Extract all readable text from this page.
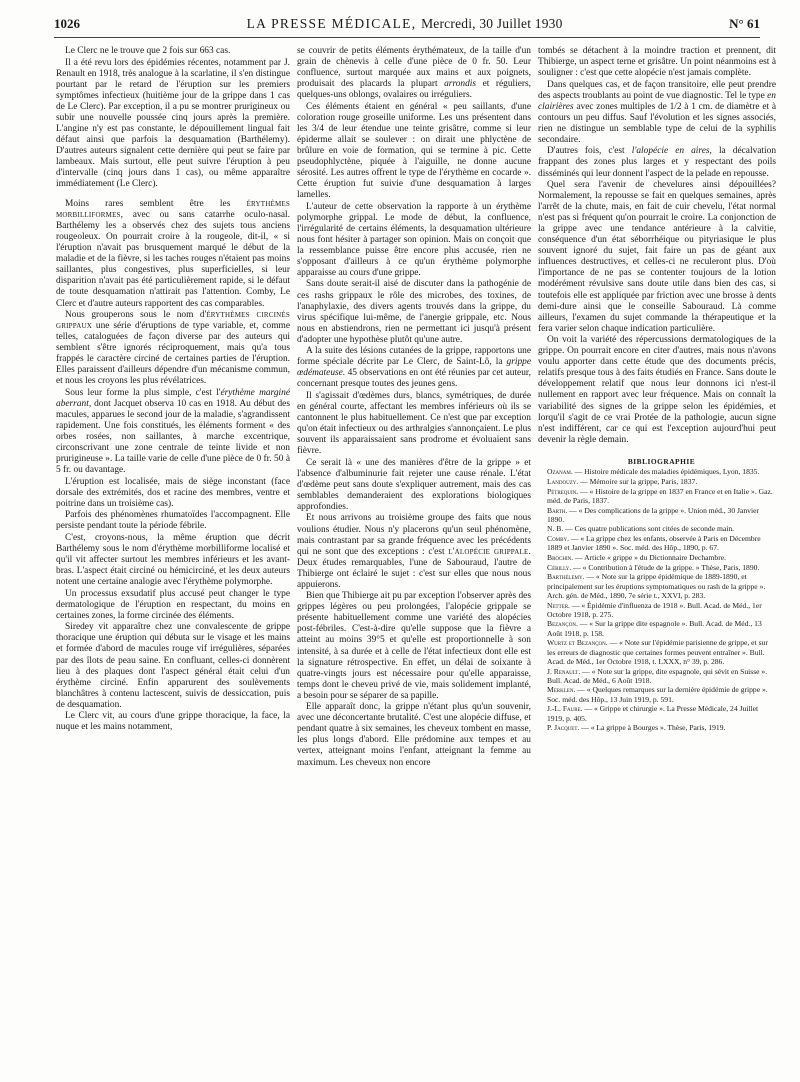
1026	LA PRESSE MÉDICALE, Mercredi, 30 Juillet 1930	N° 61

Le Clerc ne le trouve que 2 fois sur 663 cas.

Il a été revu lors des épidémies récentes, notamment par J. Renault en 1918, très analogue à la scarlatine, il s'en distingue pourtant par le retard de l'éruption sur les premiers symptômes infectieux (huitième jour de la grippe dans 1 cas de Le Clerc). Par exception, il a pu se montrer prurigineux ou subir une nouvelle poussée cinq jours après la première. L'angine n'y est pas constante, le dépouillement lingual fait défaut ainsi que parfois la desquamation (Barthélemy). D'autres auteurs signalent cette dernière qui peut se faire par lambeaux. Mais surtout, elle peut suivre l'éruption à peu d'intervalle (cinq jours dans 1 cas), ou même apparaître immédiatement (Le Clerc).

Moins rares semblent être les érythèmes morbilliformes, avec ou sans catarrhe oculo-nasal. Barthélemy les a observés chez des sujets tous anciens rougeoleux. On pourrait croire à la rougeole, dit-il, « si l'éruption n'avait pas brusquement marqué le début de la maladie et de la fièvre, si les taches rouges n'étaient pas moins saillantes, plus congestives, plus superficielles, si leur disparition n'avait pas été particulièrement rapide, si le défaut de toute desquamation n'attirait pas l'attention. Comby, Le Clerc et d'autre auteurs rapportent des cas comparables.

Nous grouperons sous le nom d'érythèmes circinés grippaux une série d'éruptions de type variable, et, comme telles, cataloguées de façon diverse par des auteurs qui semblent s'être ignorés réciproquement, mais qu'a tous frappés le caractère circiné de certaines parties de l'éruption. Elles paraissent d'ailleurs dépendre d'un mécanisme commun, et nous les croyons les plus révélatrices.

Sous leur forme la plus simple, c'est l'érythème marginé aberrant, dont Jacquet observa 10 cas en 1918. Au début des macules, apparues le second jour de la maladie, s'agrandissent rapidement. Une fois constitués, les éléments forment « des orbes rosées, non saillantes, à marche excentrique, circonscrivant une zone centrale de teinte livide et non prurigineuse ». La taille varie de celle d'une pièce de 0 fr. 50 à 5 fr. ou davantage.

L'éruption est localisée, mais de siège inconstant (face dorsale des extrémités, dos et racine des membres, ventre et poitrine dans un troisième cas).

Parfois des phénomènes rhumatoïdes l'accompagnent. Elle persiste pendant toute la période fébrile.

C'est, croyons-nous, la même éruption que décrit Barthélemy sous le nom d'érythème morbilliforme localisé et qu'il vit affecter surtout les membres inférieurs et les avant-bras. L'aspect était circiné ou hémicirciné, et les deux auteurs notent une certaine analogie avec l'érythème polymorphe.

Un processus exsudatif plus accusé peut changer le type dermatologique de l'éruption en respectant, du moins en certaines zones, la forme circinée des éléments.

Siredey vit apparaître chez une convalescente de grippe thoracique une éruption qui débuta sur le visage et les mains et formée d'abord de macules rouge vif irrégulières, séparées par des îlots de peau saine. En confluant, celles-ci donnèrent lieu à des plaques dont l'aspect général était celui d'un érythème circiné. Enfin apparurent des soulèvements blanchâtres à contenu lactescent, suivis de dessiccation, puis de desquamation.

Le Clerc vit, au cours d'une grippe thoracique, la face, la nuque et les mains notamment,

se couvrir de petits éléments érythémateux, de la taille d'un grain de chènevis à celle d'une pièce de 0 fr. 50. Leur confluence, surtout marquée aux mains et aux poignets, produisait des placards la plupart arrondis et réguliers, quelques-uns oblongs, ovalaires ou irréguliers.

Ces éléments étaient en général « peu saillants, d'une coloration rouge groseille uniforme. Les uns présentent dans les 3/4 de leur étendue une teinte grisâtre, comme si leur épiderme allait se soulever : on dirait une phlyctène de brûlure en voie de formation, qui se termine à pic. Cette pseudophlyctène, piquée à l'aiguille, ne donne aucune sérosité. Les autres offrent le type de l'érythème en cocarde ». Cette éruption fut suivie d'une desquamation à larges lamelles.

L'auteur de cette observation la rapporte à un érythème polymorphe grippal. Le mode de début, la confluence, l'irrégularité de certains éléments, la desquamation ultérieure nous font hésiter à partager son opinion. Mais on conçoit que la ressemblance puisse être encore plus accusée, rien ne s'opposant d'ailleurs à ce qu'un érythème polymorphe apparaisse au cours d'une grippe.

Sans doute serait-il aisé de discuter dans la pathogénie de ces rashs grippaux le rôle des microbes, des toxines, de l'anaphylaxie, des divers agents trouvés dans la grippe, du virus spécifique lui-même, de l'anergie grippale, etc. Nous nous en abstiendrons, rien ne permettant ici jusqu'à présent d'adopter une hypothèse plutôt qu'une autre.

A la suite des lésions cutanées de la grippe, rapportons une forme spéciale décrite par Le Clerc, de Saint-Lô, la grippe œdémateuse. 45 observations en ont été réunies par cet auteur, concernant presque toutes des jeunes gens.

Il s'agissait d'œdèmes durs, blancs, symétriques, de durée en général courte, affectant les membres inférieurs où ils se cantonnent le plus habituellement. Ce n'est que par exception qu'on était infectieux ou des arthralgies s'annonçaient. Le plus souvent ils apparaissaient sans prodrome et évoluaient sans fièvre.

Ce serait là « une des manières d'être de la grippe » et l'absence d'albuminurie fait rejeter une cause rénale. L'état d'œdème peut sans doute s'expliquer autrement, mais des cas semblables demanderaient des explorations biologiques approfondies.

Et nous arrivons au troisième groupe des faits que nous voulions étudier. Nous n'y placerons qu'un seul phénomène, mais contrastant par sa grande fréquence avec les précédents qui ne sont que des exceptions : c'est l'alopécie grippale. Deux études remarquables, l'une de Sabouraud, l'autre de Thibierge ont éclairé le sujet : c'est sur elles que nous nous appuierons.

Bien que Thibierge ait pu par exception l'observer après des grippes légères ou peu prolongées, l'alopécie grippale se présente habituellement comme une variété des alopécies post-fébriles. C'est-à-dire qu'elle suppose que la fièvre a atteint au moins 39°5 et qu'elle est proportionnelle à son intensité, à sa durée et à celle de l'état infectieux dont elle est la signature rétrospective. En effet, un délai de soixante à quatre-vingts jours est nécessaire pour qu'elle apparaisse, temps dont le cheveu privé de vie, mais solidement implanté, a besoin pour se séparer de sa papille.

Elle apparaît donc, la grippe n'étant plus qu'un souvenir, avec une déconcertante brutalité. C'est une alopécie diffuse, et pendant quatre à six semaines, les cheveux tombent en masse, les plus longs d'abord. Elle prédomine aux tempes et au vertex, atteignant moins l'enfant, atteignant la femme au maximum. Les cheveux non encore

tombés se détachent à la moindre traction et prennent, dit Thibierge, un aspect terne et grisâtre. Un point néanmoins est à souligner : c'est que cette alopécie n'est jamais complète.

Dans quelques cas, et de façon transitoire, elle peut prendre des aspects troublants au point de vue diagnostic. Tel le type en clairières avec zones multiples de 1/2 à 1 cm. de diamètre et à contours un peu diffus. Sauf l'évolution et les signes associés, rien ne distingue un semblable type de celui de la syphilis secondaire.

D'autres fois, c'est l'alopécie en aires, la décalvation frappant des zones plus larges et y respectant des poils disséminés qui leur donnent l'aspect de la pelade en repousse.

Quel sera l'avenir de chevelures ainsi dépouillées? Normalement, la repousse se fait en quelques semaines, après l'arrêt de la chute, mais, en fait de cuir chevelu, l'état normal n'est pas si fréquent qu'on pourrait le croire. La conjonction de la grippe avec une tendance antérieure à la calvitie, conséquence d'un état séborrhéique ou pityriasique le plus souvent ignoré du sujet, fait faire un pas de géant aux influences destructives, et celles-ci ne reculeront plus. D'où l'importance de ne pas se contenter toujours de la lotion modérément révulsive sans doute utile dans bien des cas, si toutefois elle est appliquée par friction avec une brosse à dents demi-dure ainsi que le conseille Sabouraud. Là comme ailleurs, l'examen du sujet commande la thérapeutique et la fera varier selon chaque indication particulière.

On voit la variété des répercussions dermatologiques de la grippe. On pourrait encore en citer d'autres, mais nous n'avons voulu apporter dans cette étude que des documents précis, relatifs presque tous à des faits étudiés en France. Sans doute le développement relatif que nous leur donnons ici n'est-il nullement en rapport avec leur fréquence. Mais on connaît la variabilité des signes de la grippe selon les épidémies, et lorqu'il s'agit de ce vrai Protée de la pathologie, aucun signe n'est indifférent, car ce qui est l'exception aujourd'hui peut devenir la règle demain.

BIBLIOGRAPHIE

Ozanam. — Histoire médicale des maladies épidémiques, Lyon, 1835.

Landouzy. — Mémoire sur la grippe, Paris, 1837.

Pétrequin. — « Histoire de la grippe en 1837 en France et en Italie ». Gaz. méd. de Paris, 1837.

Barth. — « Des complications de la grippe ». Union méd., 30 Janvier 1890.

N. B. — Ces quatre publications sont citées de seconde main.

Comby. — « La grippe chez les enfants, observée à Paris en Décembre 1889 et Janvier 1890 ». Soc. méd. des Hôp., 1890, p. 67.

Brochin. — Article « grippe » du Dictionnaire Dechambre.

Cérilly. — « Contribution à l'étude de la grippe. » Thèse, Paris, 1890.

Barthélemy. — « Note sur la grippe épidémique de 1889-1890, et principalement sur les éruptions symptomatiques ou rash de la grippe ». Arch. gén. de Méd., 1890, 7e série t., XXVI, p. 283.

Netter. — « Épidémie d'influenza de 1918 ». Bull. Acad. de Méd., 1er Octobre 1918, p. 275.

Bezançon. — « Sur la grippe dite espagnole ». Bull. Acad. de Méd., 13 Août 1918, p. 158.

Wurtz et Bezançon. — « Note sur l'épidémie parisienne de grippe, et sur les erreurs de diagnostic que certaines formes peuvent entraîner ». Bull. Acad. de Méd., 1er Octobre 1918, t. LXXX, n° 39, p. 286.

J. Renault. — « Note sur la grippe, dite espagnole, qui sévit en Suisse ». Bull. Acad. de Méd., 6 Août 1918.

Merklen. — « Quelques remarques sur la dernière épidémie de grippe ». Soc. méd. des Hôp., 13 Juin 1919, p. 591.

J.-L. Faure. — « Grippe et chirurgie ». La Presse Médicale, 24 Juillet 1919, p. 405.

P. Jacquet. — « La grippe à Bourges ». Thèse, Paris, 1919.
